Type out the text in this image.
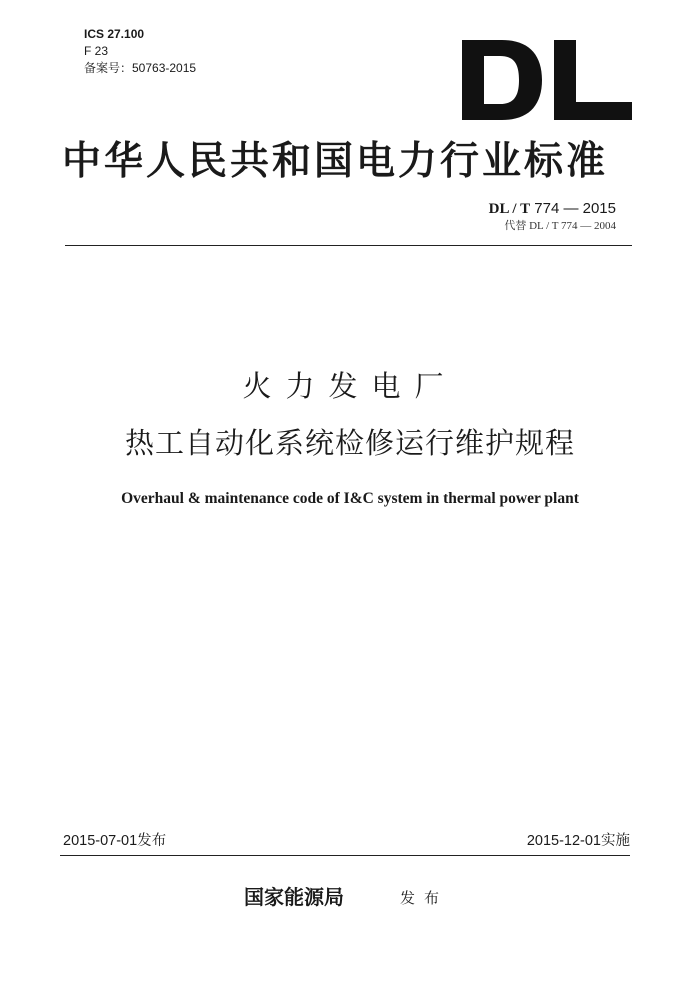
ICS 27.100
F 23
备案号：50763-2015
中华人民共和国电力行业标准
DL / T 774 — 2015
代替 DL / T 774 — 2004
火力发电厂
热工自动化系统检修运行维护规程
Overhaul & maintenance code of I&C system in thermal power plant
2015-07-01发布	2015-12-01实施
国家能源局	发布
